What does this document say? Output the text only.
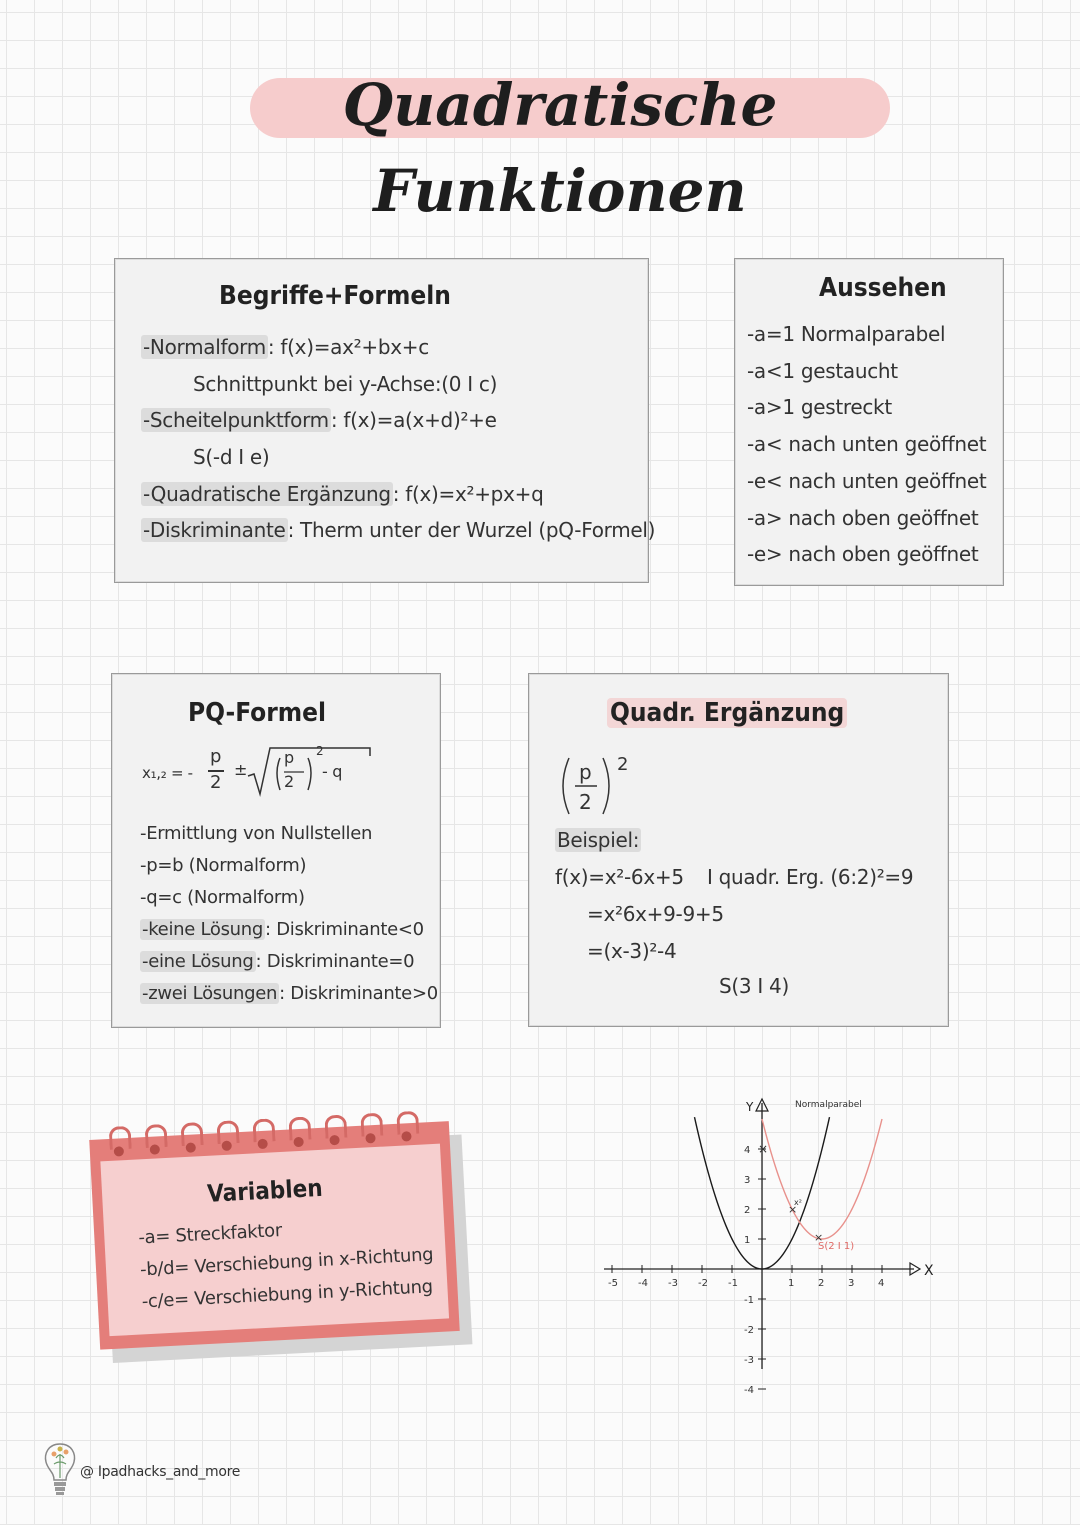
Quadratische Funktionen
Begriffe+Formeln
-Normalform : f(x)=ax²+bx+c
Schnittpunkt bei y-Achse:(0 I c)
-Scheitelpunktform : f(x)=a(x+d)²+e
S(-d I e)
-Quadratische Ergänzung : f(x)=x²+px+q
-Diskriminante : Therm unter der Wurzel (pQ-Formel)
Aussehen
-a=1 Normalparabel
-a<1 gestaucht
-a>1 gestreckt
-a< nach unten geöffnet
-e< nach unten geöffnet
-a> nach oben geöffnet
-e> nach oben geöffnet
PQ-Formel
x₁,₂ = -
p
2
±
p
2
2
- q
-Ermittlung von Nullstellen
-p=b (Normalform)
-q=c (Normalform)
-keine Lösung : Diskriminante<0
-eine Lösung : Diskriminante=0
-zwei Lösungen : Diskriminante>0
Quadr. Ergänzung
p
2
2
Beispiel:
f(x)=x²-6x+5 I quadr. Erg. (6:2)²=9
=x²6x+9-9+5
=(x-3)²-4
S(3 I 4)
Variablen
-a= Streckfaktor
-b/d= Verschiebung in x-Richtung
-c/e= Verschiebung in y-Richtung
X
Y
-5 -4 -3 -2 -1	1 2 3 4
-1
-2
-3
-4
1
2
3
4
Normalparabel
S(2 I 1)
×
×
×
x²
@ Ipadhacks_and_more
